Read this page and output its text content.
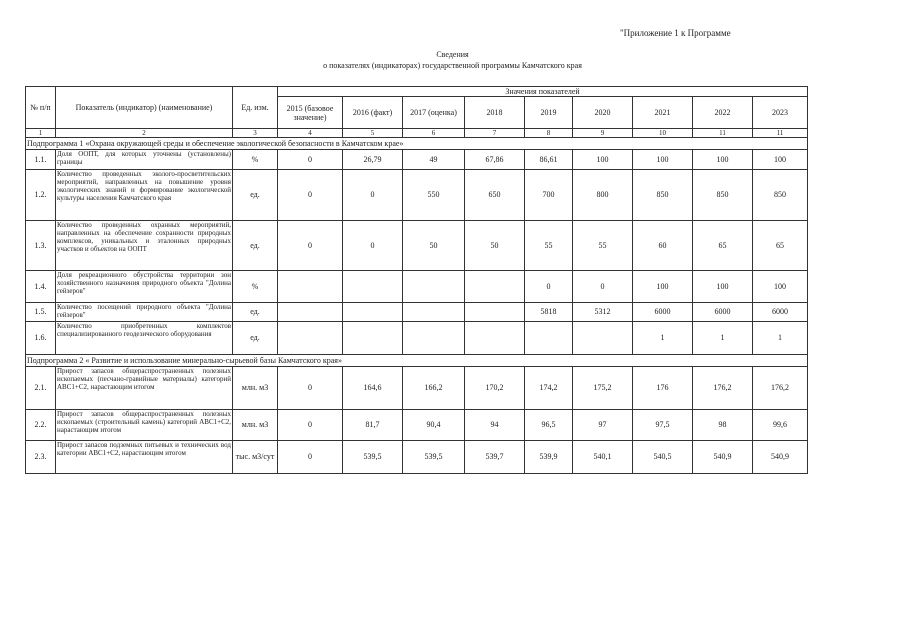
"Приложение 1 к Программе
Сведения
о показателях (индикаторах) государственной программы Камчатского края
№ п/п	Показатель (индикатор) (наименование)	Ед. изм.	Значения показателей								
			2015 (базовое значение)	2016 (факт)	2017 (оценка)	2018	2019	2020	2021	2022	2023
1	2	3	4	5	6	7	8	9	10	11	11
Подпрограмма 1 «Охрана окружающей среды и обеспечение экологической безопасности в Камчатском крае»											
1.1.	Доля ООПТ, для которых уточнены (установлены) границы	%	0	26,79	49	67,86	86,61	100	100	100	100
1.2.	Количество проведенных эколого-просветительских мероприятий, направленных на повышение уровня экологических знаний и формирование экологической культуры населения Камчатского края	ед.	0	0	550	650	700	800	850	850	850
1.3.	Количество проведенных охранных мероприятий, направленных на обеспечение сохранности природных комплексов, уникальных и эталонных природных участков и объектов на ООПТ	ед.	0	0	50	50	55	55	60	65	65
1.4.	Доля рекреационного обустройства территории зон хозяйственного назначения природного объекта "Долина гейзеров"	%					0	0	100	100	100
1.5.	Количество посещений природного объекта "Долина гейзеров"	ед.					5818	5312	6000	6000	6000
1.6.	Количество приобретенных комплектов специализированного геодезического оборудования	ед.							1	1	1
Подпрограмма 2 « Развитие и использование минерально-сырьевой базы Камчатского края»											
2.1.	Прирост запасов общераспространенных полезных ископаемых (песчано-гравийные материалы) категорий АВС1+С2, нарастающим итогом	млн. м3	0	164,6	166,2	170,2	174,2	175,2	176	176,2	176,2
2.2.	Прирост запасов общераспространенных полезных ископаемых (строительный камень) категорий АВС1+С2, нарастающим итогом	млн. м3	0	81,7	90,4	94	96,5	97	97,5	98	99,6
2.3.	Прирост запасов подземных питьевых и технических вод категории АВС1+С2, нарастающим итогом	тыс. м3/сут	0	539,5	539,5	539,7	539,9	540,1	540,5	540,9	540,9
